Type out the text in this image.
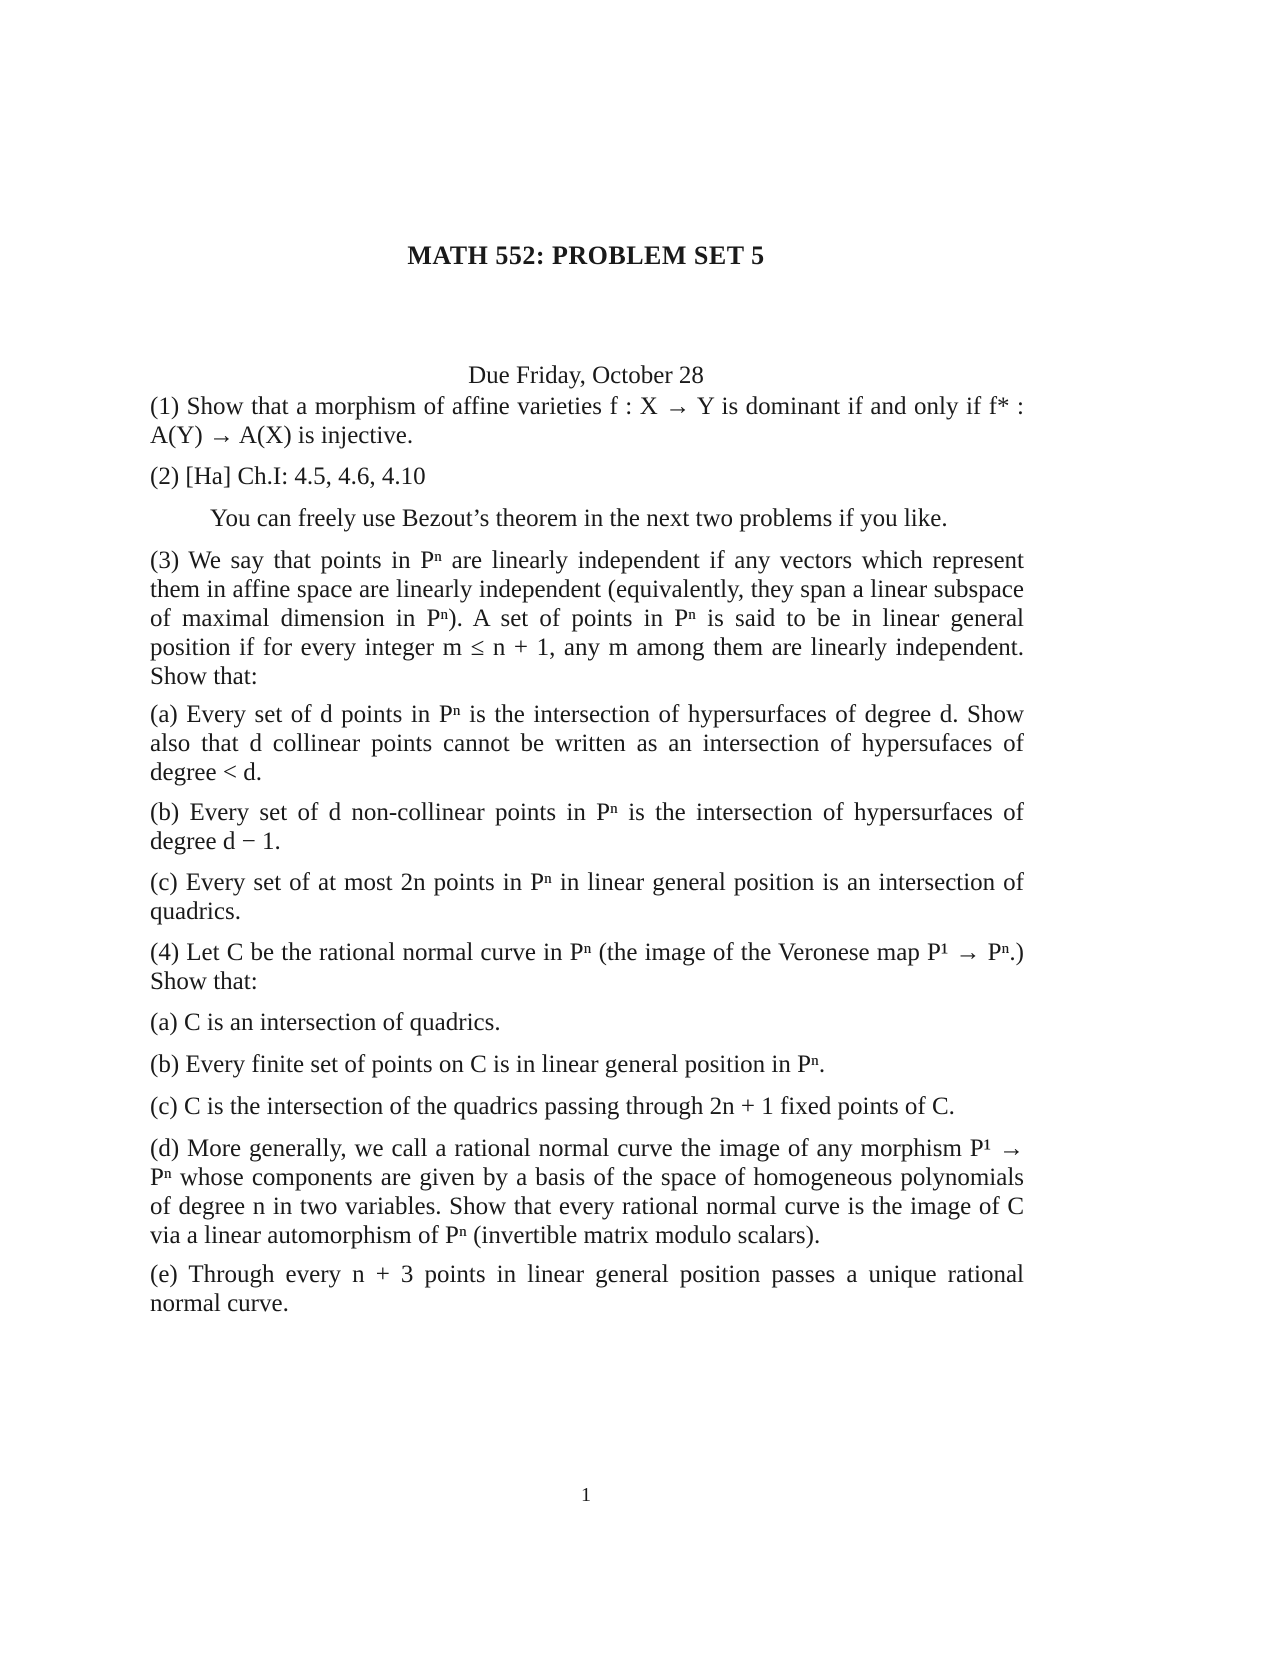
MATH 552: PROBLEM SET 5

Due Friday, October 28

(1) Show that a morphism of affine varieties f : X → Y is dominant if and only if f* : A(Y) → A(X) is injective.

(2) [Ha] Ch.I: 4.5, 4.6, 4.10

You can freely use Bezout’s theorem in the next two problems if you like.

(3) We say that points in Pⁿ are linearly independent if any vectors which represent them in affine space are linearly independent (equivalently, they span a linear subspace of maximal dimension in Pⁿ). A set of points in Pⁿ is said to be in linear general position if for every integer m ≤ n + 1, any m among them are linearly independent. Show that:

(a) Every set of d points in Pⁿ is the intersection of hypersurfaces of degree d. Show also that d collinear points cannot be written as an intersection of hypersufaces of degree < d.

(b) Every set of d non-collinear points in Pⁿ is the intersection of hypersurfaces of degree d − 1.

(c) Every set of at most 2n points in Pⁿ in linear general position is an intersection of quadrics.

(4) Let C be the rational normal curve in Pⁿ (the image of the Veronese map P¹ → Pⁿ.) Show that:

(a) C is an intersection of quadrics.

(b) Every finite set of points on C is in linear general position in Pⁿ.

(c) C is the intersection of the quadrics passing through 2n + 1 fixed points of C.

(d) More generally, we call a rational normal curve the image of any morphism P¹ → Pⁿ whose components are given by a basis of the space of homogeneous polynomials of degree n in two variables. Show that every rational normal curve is the image of C via a linear automorphism of Pⁿ (invertible matrix modulo scalars).

(e) Through every n + 3 points in linear general position passes a unique rational normal curve.

1
